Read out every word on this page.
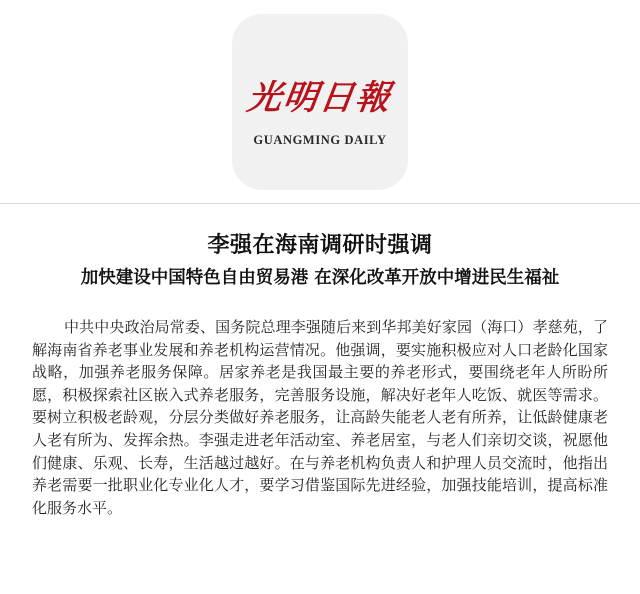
光明日報
GUANGMING DAILY
李强在海南调研时强调
加快建设中国特色自由贸易港 在深化改革开放中增进民生福祉

中共中央政治局常委、国务院总理李强随后来到华邦美好家园（海口）孝慈苑，了解海南省养老事业发展和养老机构运营情况。他强调，要实施积极应对人口老龄化国家战略，加强养老服务保障。居家养老是我国最主要的养老形式，要围绕老年人所盼所愿，积极探索社区嵌入式养老服务，完善服务设施，解决好老年人吃饭、就医等需求。要树立积极老龄观，分层分类做好养老服务，让高龄失能老人老有所养，让低龄健康老人老有所为、发挥余热。李强走进老年活动室、养老居室，与老人们亲切交谈，祝愿他们健康、乐观、长寿，生活越过越好。在与养老机构负责人和护理人员交流时，他指出养老需要一批职业化专业化人才，要学习借鉴国际先进经验，加强技能培训，提高标准化服务水平。
